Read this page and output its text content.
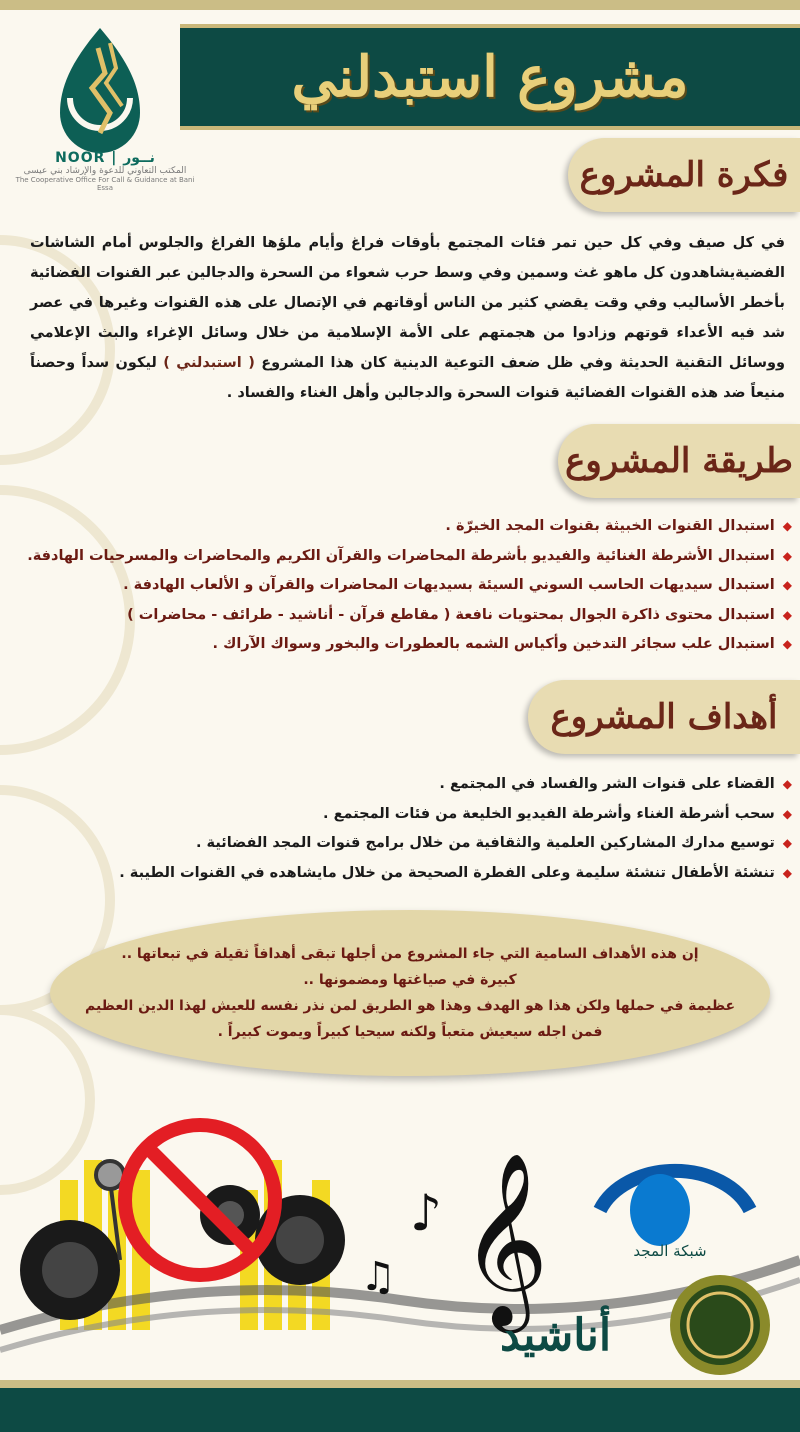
مشروع استبدلني
NOOR | نــور
المكتب التعاوني للدعوة والإرشاد بني عيسى
The Cooperative Office For Call & Guidance at Bani Essa	فكرة المشروع

في كل صيف وفي كل حين تمر فئات المجتمع بأوقات فراغ وأيام ملؤها الفراغ والجلوس أمام الشاشات الفضيةيشاهدون كل ماهو غث وسمين وفي وسط حرب شعواء من السحرة والدجالين عبر القنوات الفضائية بأخطر الأساليب وفي وقت يقضي كثير من الناس أوقاتهم في الإتصال على هذه القنوات وغيرها في عصر شد فيه الأعداء قوتهم وزادوا من هجمتهم على الأمة الإسلامية من خلال وسائل الإغراء والبث الإعلامي ووسائل التقنية الحديثة وفي ظل ضعف التوعية الدينية كان هذا المشروع ( استبدلني ) ليكون سداً وحصناً منيعاً ضد هذه القنوات الفضائية قنوات السحرة والدجالين وأهل الغناء والفساد .

طريقة المشروع
◆استبدال القنوات الخبيثة بقنوات المجد الخيرّة .
◆استبدال الأشرطة الغنائية والفيديو بأشرطة المحاضرات والقرآن الكريم والمحاضرات والمسرحيات الهادفة.
◆استبدال سيديهات الحاسب السوني السيئة بسيديهات المحاضرات والقرآن و الألعاب الهادفة .
◆استبدال محتوى ذاكرة الجوال بمحتويات نافعة ( مقاطع قرآن - أناشيد - طرائف - محاضرات )
◆استبدال علب سجائر التدخين وأكياس الشمه بالعطورات والبخور وسواك الآراك .
أهداف المشروع
◆القضاء على قنوات الشر والفساد في المجتمع .
◆سحب أشرطة الغناء وأشرطة الفيديو الخليعة من فئات المجتمع .
◆توسيع مدارك المشاركين العلمية والثقافية من خلال برامج قنوات المجد الفضائية .
◆تنشئة الأطفال تنشئة سليمة وعلى الفطرة الصحيحة من خلال مايشاهده في القنوات الطيبة .
إن هذه الأهداف السامية التي جاء المشروع من أجلها تبقى أهدافاً ثقيلة في تبعاتها ..
كبيرة في صياغتها ومضمونها ..
عظيمة في حملها ولكن هذا هو الهدف وهذا هو الطريق لمن نذر نفسه للعيش لهذا الدين العظيم
فمن اجله سيعيش متعباً ولكنه سيحيا كبيراً ويموت كبيراً .
𝄞
♪
♫
شبكة المجد
أناشيد
